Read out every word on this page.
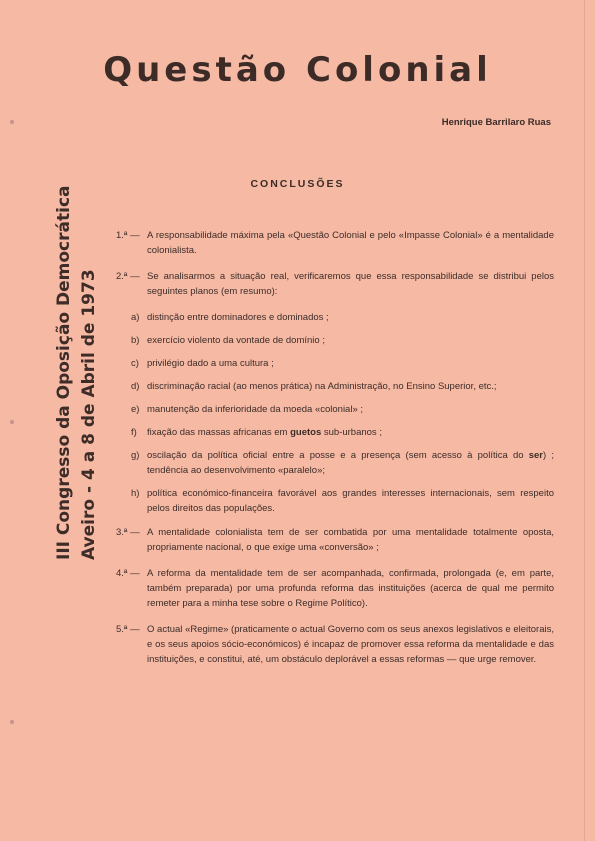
Questão Colonial
Henrique Barrilaro Ruas
CONCLUSÕES
III Congresso da Oposição Democrática Aveiro - 4 a 8 de Abril de 1973
1.ª — A responsabilidade máxima pela «Questão Colonial e pelo «Impasse Colonial» é a mentalidade colonialista.
2.ª — Se analisarmos a situação real, verificaremos que essa responsabilidade se distribui pelos seguintes planos (em resumo):
a) distinção entre dominadores e dominados ;
b) exercício violento da vontade de domínio ;
c) privilégio dado a uma cultura ;
d) discriminação racial (ao menos prática) na Administração, no Ensino Superior, etc.;
e) manutenção da inferioridade da moeda «colonial» ;
f)	fixação das massas africanas em guetos sub-urbanos ;
g) oscilação da política oficial entre a posse e a presença (sem acesso à política do ser) ; tendência ao desenvolvimento «paralelo»;
h) política económico-financeira favorável aos grandes interesses internacionais, sem respeito pelos direitos das populações.
3.ª — A mentalidade colonialista tem de ser combatida por uma mentalidade totalmente oposta, propriamente nacional, o que exige uma «conversão» ;
4.ª — A reforma da mentalidade tem de ser acompanhada, confirmada, prolongada (e, em parte, também preparada) por uma profunda reforma das instituições (acerca de qual me permito remeter para a minha tese sobre o Regime Político).
5.ª — O actual «Regime» (praticamente o actual Governo com os seus anexos legislativos e eleitorais, e os seus apoios sócio-económicos) é incapaz de promover essa reforma da mentalidade e das instituições, e constitui, até, um obstáculo deplorável a essas reformas — que urge remover.
